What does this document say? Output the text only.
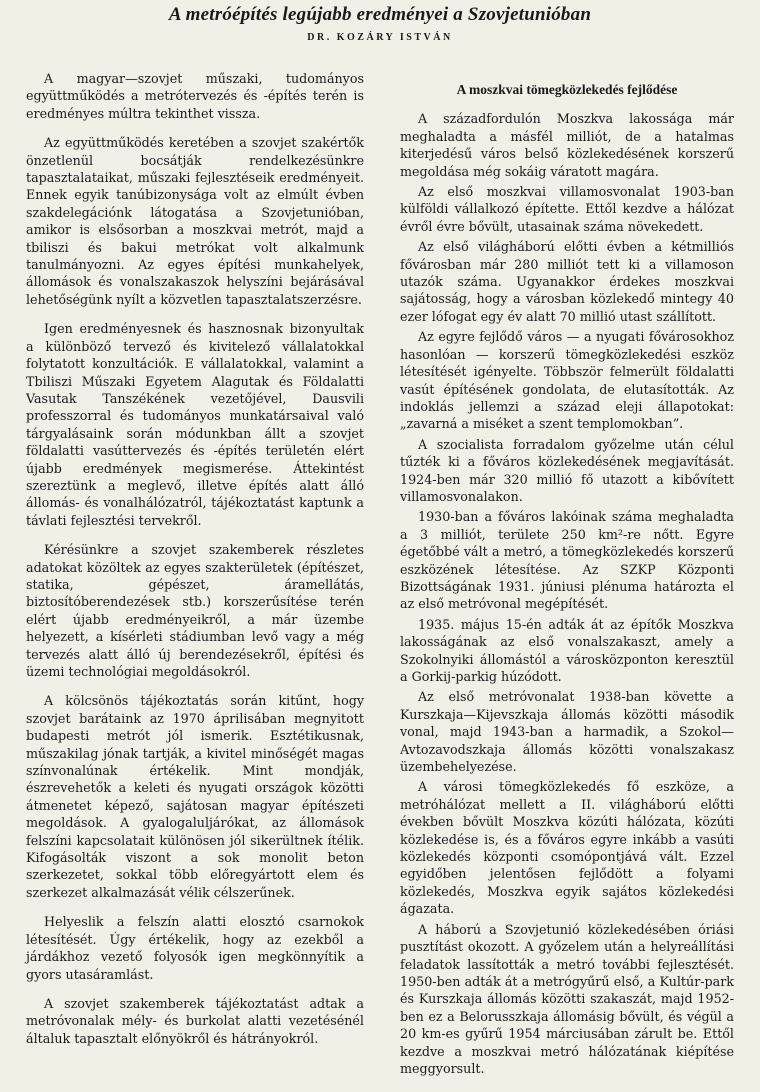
A metróépítés legújabb eredményei a Szovjetunióban
DR. KOZÁRY ISTVÁN

A magyar—szovjet műszaki, tudományos együttműködés a metrótervezés és -építés terén is eredményes múltra tekinthet vissza.

Az együttműködés keretében a szovjet szakértők önzetlenül bocsátják rendelkezésünkre tapasztalataikat, műszaki fejlesztéseik eredményeit. Ennek egyik tanúbizonysága volt az elmúlt évben szakdelegációnk látogatása a Szovjetunióban, amikor is elsősorban a moszkvai metrót, majd a tbiliszi és bakui metrókat volt alkalmunk tanulmányozni. Az egyes építési munkahelyek, állomások és vonalszakaszok helyszíni bejárásával lehetőségünk nyílt a közvetlen tapasztalatszerzésre.

Igen eredményesnek és hasznosnak bizonyultak a különböző tervező és kivitelező vállalatokkal folytatott konzultációk. E vállalatokkal, valamint a Tbiliszi Műszaki Egyetem Alagutak és Földalatti Vasutak Tanszékének vezetőjével, Dausvili professzorral és tudományos munkatársaival való tárgyalásaink során módunkban állt a szovjet földalatti vasúttervezés és -építés területén elért újabb eredmények megismerése. Áttekintést szereztünk a meglevő, illetve építés alatt álló állomás- és vonalhálózatról, tájékoztatást kaptunk a távlati fejlesztési tervekről.

Kérésünkre a szovjet szakemberek részletes adatokat közöltek az egyes szakterületek (építészet, statika, gépészet, áramellátás, biztosítóberendezések stb.) korszerűsítése terén elért újabb eredményeikről, a már üzembe helyezett, a kísérleti stádiumban levő vagy a még tervezés alatt álló új berendezésekről, építési és üzemi technológiai megoldásokról.

A kölcsönös tájékoztatás során kitűnt, hogy szovjet barátaink az 1970 áprilisában megnyitott budapesti metrót jól ismerik. Esztétikusnak, műszakilag jónak tartják, a kivitel minőségét magas színvonalúnak értékelik. Mint mondják, észrevehetők a keleti és nyugati országok közötti átmenetet képező, sajátosan magyar építészeti megoldások. A gyalogaluljárókat, az állomások felszíni kapcsolatait különösen jól sikerültnek ítélik. Kifogásolták viszont a sok monolit beton szerkezetet, sokkal több előregyártott elem és szerkezet alkalmazását vélik célszerűnek.

Helyeslik a felszín alatti elosztó csarnokok létesítését. Úgy értékelik, hogy az ezekből a járdákhoz vezető folyosók igen megkönnyítik a gyors utasáramlást.

A szovjet szakemberek tájékoztatást adtak a metróvonalak mély- és burkolat alatti vezetésénél általuk tapasztalt előnyökről és hátrányokról.

A moszkvai tömegközlekedés fejlődése

A századfordulón Moszkva lakossága már meghaladta a másfél milliót, de a hatalmas kiterjedésű város belső közlekedésének korszerű megoldása még sokáig váratott magára.

Az első moszkvai villamosvonalat 1903-ban külföldi vállalkozó építette. Ettől kezdve a hálózat évről évre bővült, utasainak száma növekedett.

Az első világháború előtti évben a kétmilliós fővárosban már 280 milliót tett ki a villamoson utazók száma. Ugyanakkor érdekes moszkvai sajátosság, hogy a városban közlekedő mintegy 40 ezer lófogat egy év alatt 70 millió utast szállított.

Az egyre fejlődő város — a nyugati fővárosokhoz hasonlóan — korszerű tömegközlekedési eszköz létesítését igényelte. Többször felmerült földalatti vasút építésének gondolata, de elutasították. Az indoklás jellemzi a század eleji állapotokat: „zavarná a miséket a szent templomokban”.

A szocialista forradalom győzelme után célul tűzték ki a főváros közlekedésének megjavítását. 1924-ben már 320 millió fő utazott a kibővített villamosvonalakon.

1930-ban a főváros lakóinak száma meghaladta a 3 milliót, területe 250 km²-re nőtt. Egyre égetőbbé vált a metró, a tömegközlekedés korszerű eszközének létesítése. Az SZKP Központi Bizottságának 1931. júniusi plénuma határozta el az első metróvonal megépítését.

1935. május 15-én adták át az építők Moszkva lakosságának az első vonalszakaszt, amely a Szokolnyiki állomástól a városközponton keresztül a Gorkij-parkig húzódott.

Az első metróvonalat 1938-ban követte a Kurszkaja—Kijevszkaja állomás közötti második vonal, majd 1943-ban a harmadik, a Szokol—Avtozavodszkaja állomás közötti vonalszakasz üzembehelyezése.

A városi tömegközlekedés fő eszköze, a metróhálózat mellett a II. világháború előtti években bővült Moszkva közúti hálózata, közúti közlekedése is, és a főváros egyre inkább a vasúti közlekedés központi csomópontjává vált. Ezzel egyidőben jelentősen fejlődött a folyami közlekedés, Moszkva egyik sajátos közlekedési ágazata.

A háború a Szovjetunió közlekedésében óriási pusztítást okozott. A győzelem után a helyreállítási feladatok lassították a metró további fejlesztését. 1950-ben adták át a metrógyűrű első, a Kultúr-park és Kurszkaja állomás közötti szakaszát, majd 1952-ben ez a Belorusszkaja állomásig bővült, és végül a 20 km-es gyűrű 1954 márciusában zárult be. Ettől kezdve a moszkvai metró hálózatának kiépítése meggyorsult.
